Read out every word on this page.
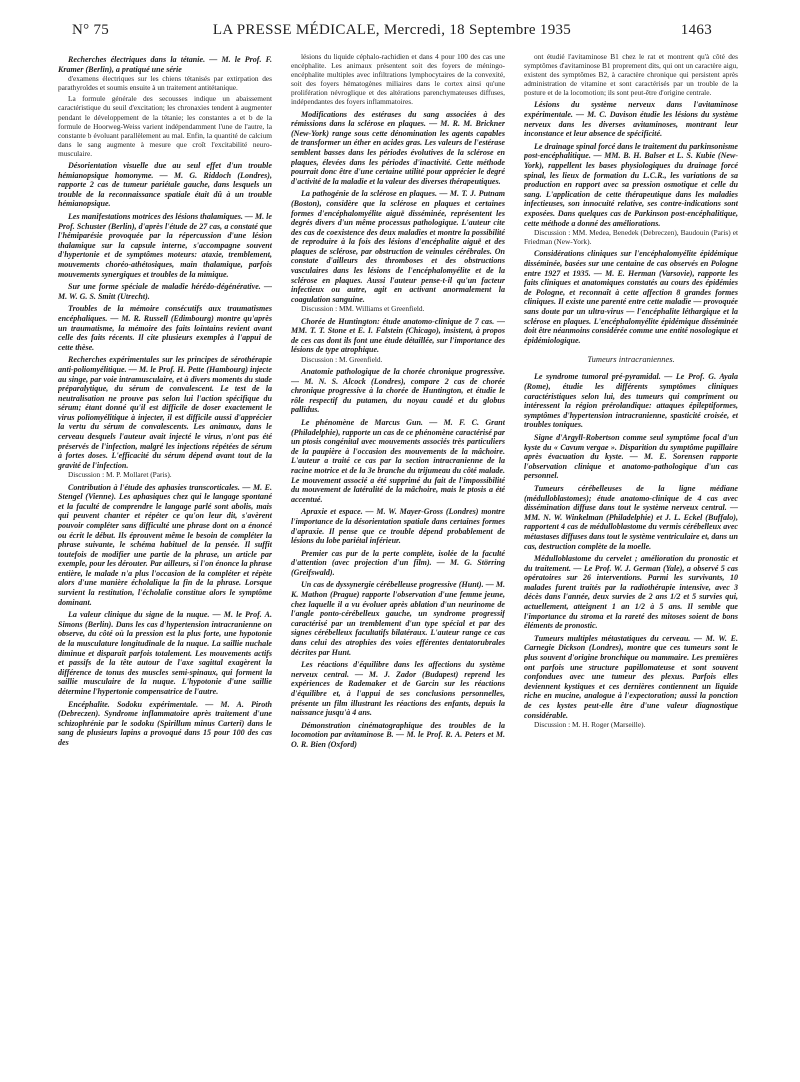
N° 75	LA PRESSE MÉDICALE, Mercredi, 18 Septembre 1935	1463
Recherches électriques dans la tétanie. — M. le Prof. F. Kramer (Berlin), a pratiqué une série

d'examens électriques sur les chiens tétanisés par extirpation des parathyroïdes et soumis ensuite à un traitement antitétanique.

La formule générale des secousses indique un abaissement caractéristique du seuil d'excitation; les chronaxies tendent à augmenter pendant le développement de la tétanie; les constantes a et b de la formule de Hoorweg-Weiss varient indépendamment l'une de l'autre, la constante b évoluant parallèlement au mal. Enfin, la quantité de calcium dans le sang augmente à mesure que croît l'excitabilité neuro-musculaire.

Désorientation visuelle due au seul effet d'un trouble hémianopsique homonyme. — M. G. Riddoch (Londres), rapporte 2 cas de tumeur pariétale gauche, dans lesquels un trouble de la reconnaissance spatiale était dû à un trouble hémianopsique.
Les manifestations motrices des lésions thalamiques. — M. le Prof. Schuster (Berlin), d'après l'étude de 27 cas, a constaté que l'hémiparésie provoquée par la répercussion d'une lésion thalamique sur la capsule interne, s'accompagne souvent d'hypertonie et de symptômes moteurs: ataxie, tremblement, mouvements choréo-athétosiques, main thalamique, parfois mouvements synergiques et troubles de la mimique.
Sur une forme spéciale de maladie hérédo-dégénérative. — M. W. G. S. Smitt (Utrecht).
Troubles de la mémoire consécutifs aux traumatismes encéphaliques. — M. R. Russell (Edimbourg) montre qu'après un traumatisme, la mémoire des faits lointains revient avant celle des faits récents. Il cite plusieurs exemples à l'appui de cette thèse.
Recherches expérimentales sur les principes de sérothérapie anti-poliomyélitique. — M. le Prof. H. Pette (Hambourg) injecte au singe, par voie intramusculaire, et à divers moments du stade préparalytique, du sérum de convalescent. Le test de la neutralisation ne prouve pas selon lui l'action spécifique du sérum; étant donné qu'il est difficile de doser exactement le virus poliomyélitique à injecter, il est difficile aussi d'apprécier la vertu du sérum de convalescents. Les animaux, dans le cerveau desquels l'auteur avait injecté le virus, n'ont pas été préservés de l'infection, malgré les injections répétées de sérum à fortes doses. L'efficacité du sérum dépend avant tout de la gravité de l'infection.

Discussion : M. P. Mollaret (Paris).

Contribution à l'étude des aphasies transcorticales. — M. E. Stengel (Vienne). Les aphasiques chez qui le langage spontané et la faculté de comprendre le langage parlé sont abolis, mais qui peuvent chanter et répéter ce qu'on leur dit, s'avèrent pouvoir compléter sans difficulté une phrase dont on a énoncé ou écrit le début. Ils éprouvent même le besoin de compléter la phrase suivante, le schéma habituel de la pensée. Il suffit toutefois de modifier une partie de la phrase, un article par exemple, pour les dérouter. Par ailleurs, si l'on énonce la phrase entière, le malade n'a plus l'occasion de la compléter et répète alors d'une manière écholalique la fin de la phrase. Lorsque survient la restitution, l'écholalie constitue alors le symptôme dominant.
La valeur clinique du signe de la nuque. — M. le Prof. A. Simons (Berlin). Dans les cas d'hypertension intracranienne on observe, du côté où la pression est la plus forte, une hypotonie de la musculature longitudinale de la nuque. La saillie nuchale diminue et disparaît parfois totalement. Les mouvements actifs et passifs de la tête autour de l'axe sagittal exagèrent la différence de tonus des muscles semi-spinaux, qui forment la saillie musculaire de la nuque. L'hypotonie d'une saillie détermine l'hypertonie compensatrice de l'autre.
Encéphalite. Sodoku expérimentale. — M. A. Piroth (Debreczen). Syndrome inflammatoire après traitement d'une schizophrénie par le sodoku (Spirillum minus Carteri) dans le sang de plusieurs lapins a provoqué dans 15 pour 100 des cas des

lésions du liquide céphalo-rachidien et dans 4 pour 100 des cas une encéphalite. Les animaux présentent soit des foyers de méningo-encéphalite multiples avec infiltrations lymphocytaires de la convexité, soit des foyers hématogènes miliaires dans le cortex ainsi qu'une prolifération névroglique et des altérations parenchymateuses diffuses, indépendantes des foyers inflammatoires.

Modifications des estérases du sang associées à des rémissions dans la sclérose en plaques. — M. R. M. Brickner (New-York) range sous cette dénomination les agents capables de transformer un éther en acides gras. Les valeurs de l'estérase semblent basses dans les périodes évolutives de la sclérose en plaques, élevées dans les périodes d'inactivité. Cette méthode pourrait donc être d'une certaine utilité pour apprécier le degré d'activité de la maladie et la valeur des diverses thérapeutiques.
La pathogénie de la sclérose en plaques. — M. T. J. Putnam (Boston), considère que la sclérose en plaques et certaines formes d'encéphalomyélite aiguë disséminée, représentent les degrés divers d'un même processus pathologique. L'auteur cite des cas de coexistence des deux maladies et montre la possibilité de reproduire à la fois des lésions d'encéphalite aiguë et des plaques de sclérose, par obstruction de veinules cérébrales. On constate d'ailleurs des thromboses et des obstructions vasculaires dans les lésions de l'encéphalomyélite et de la sclérose en plaques. Aussi l'auteur pense-t-il qu'un facteur infectieux ou autre, agit en activant anormalement la coagulation sanguine.

Discussion : MM. Williams et Greenfield.

Chorée de Huntington: étude anatomo-clinique de 7 cas. — MM. T. T. Stone et E. I. Falstein (Chicago), insistent, à propos de ces cas dont ils font une étude détaillée, sur l'importance des lésions de type atrophique.

Discussion : M. Greenfield.

Anatomie pathologique de la chorée chronique progressive. — M. N. S. Alcock (Londres), compare 2 cas de chorée chronique progressive à la chorée de Huntington, et étudie le rôle respectif du putamen, du noyau caudé et du globus pallidus.
Le phénomène de Marcus Gun. — M. F. C. Grant (Philadelphie), rapporte un cas de ce phénomène caractérisé par un ptosis congénital avec mouvements associés très particuliers de la paupière à l'occasion des mouvements de la mâchoire. L'auteur a traité ce cas par la section intracranienne de la racine motrice et de la 3e branche du trijumeau du côté malade. Le mouvement associé a été supprimé du fait de l'impossibilité du mouvement de latéralité de la mâchoire, mais le ptosis a été accentué.
Apraxie et espace. — M. W. Mayer-Gross (Londres) montre l'importance de la désorientation spatiale dans certaines formes d'apraxie. Il pense que ce trouble dépend probablement de lésions du lobe pariétal inférieur.
Premier cas pur de la perte complète, isolée de la faculté d'attention (avec projection d'un film). — M. G. Störring (Greifswald).
Un cas de dyssynergie cérébelleuse progressive (Hunt). — M. K. Mathon (Prague) rapporte l'observation d'une femme jeune, chez laquelle il a vu évoluer après ablation d'un neurinome de l'angle ponto-cérébelleux gauche, un syndrome progressif caractérisé par un tremblement d'un type spécial et par des signes cérébelleux facultatifs bilatéraux. L'auteur range ce cas dans celui des atrophies des voies efférentes dentatorubrales décrites par Hunt.
Les réactions d'équilibre dans les affections du système nerveux central. — M. J. Zador (Budapest) reprend les expériences de Rademaker et de Garcin sur les réactions d'équilibre et, à l'appui de ses conclusions personnelles, présente un film illustrant les réactions des enfants, depuis la naissance jusqu'à 4 ans.
Démonstration cinématographique des troubles de la locomotion par avitaminose B. — M. le Prof. R. A. Peters et M. O. R. Bien (Oxford)

ont étudié l'avitaminose B1 chez le rat et montrent qu'à côté des symptômes d'avitaminose B1 proprement dits, qui ont un caractère aigu, existent des symptômes B2, à caractère chronique qui persistent après administration de vitamine et sont caractérisés par un trouble de la posture et de la locomotion; ils sont peut-être d'origine centrale.

Lésions du système nerveux dans l'avitaminose expérimentale. — M. C. Davison étudie les lésions du système nerveux dans les diverses avitaminoses, montrant leur inconstance et leur absence de spécificité.
Le drainage spinal forcé dans le traitement du parkinsonisme post-encéphalitique. — MM. B. H. Balser et L. S. Kubie (New-York), rappellent les bases physiologiques du drainage forcé spinal, les lieux de formation du L.C.R., les variations de sa production en rapport avec sa pression osmotique et celle du sang. L'application de cette thérapeutique dans les maladies infectieuses, son innocuité relative, ses contre-indications sont exposées. Dans quelques cas de Parkinson post-encéphalitique, cette méthode a donné des améliorations.

Discussion : MM. Medea, Benedek (Debreczen), Baudouin (Paris) et Friedman (New-York).

Considérations cliniques sur l'encéphalomyélite épidémique disséminée, basées sur une centaine de cas observés en Pologne entre 1927 et 1935. — M. E. Herman (Varsovie), rapporte les faits cliniques et anatomiques constatés au cours des épidémies de Pologne, et reconnaît à cette affection 8 grandes formes cliniques. Il existe une parenté entre cette maladie — provoquée sans doute par un ultra-virus — l'encéphalite léthargique et la sclérose en plaques. L'encéphalomyélite épidémique disséminée doit être néanmoins considérée comme une entité nosologique et épidémiologique.
Tumeurs intracraniennes.
Le syndrome tumoral pré-pyramidal. — Le Prof. G. Ayala (Rome), étudie les différents symptômes cliniques caractéristiques selon lui, des tumeurs qui compriment ou intéressent la région prérolandique: attaques épileptiformes, symptômes d'hypertension intracranienne, spasticité croisée, et troubles toniques.
Signe d'Argyll-Robertson comme seul symptôme focal d'un kyste du « Cavum vergae ». Disparition du symptôme pupillaire après évacuation du kyste. — M. E. Sorensen rapporte l'observation clinique et anatomo-pathologique d'un cas personnel.
Tumeurs cérébelleuses de la ligne médiane (médulloblastomes); étude anatomo-clinique de 4 cas avec dissémination diffuse dans tout le système nerveux central. — MM. N. W. Winkelman (Philadelphie) et J. L. Eckel (Buffalo), rapportent 4 cas de médulloblastome du vermis cérébelleux avec métastases diffuses dans tout le système ventriculaire et, dans un cas, destruction complète de la moelle.
Médulloblastome du cervelet ; amélioration du pronostic et du traitement. — Le Prof. W. J. German (Yale), a observé 5 cas opératoires sur 26 interventions. Parmi les survivants, 10 malades furent traités par la radiothérapie intensive, avec 3 décès dans l'année, deux survies de 2 ans 1/2 et 5 survies qui, actuellement, atteignent 1 an 1/2 à 5 ans. Il semble que l'importance du stroma et la rareté des mitoses soient de bons éléments de pronostic.
Tumeurs multiples métastatiques du cerveau. — M. W. E. Carnegie Dickson (Londres), montre que ces tumeurs sont le plus souvent d'origine bronchique ou mammaire. Les premières ont parfois une structure papillomateuse et sont souvent confondues avec une tumeur des plexus. Parfois elles deviennent kystiques et ces dernières contiennent un liquide riche en mucine, analogue à l'expectoration; aussi la ponction de ces kystes peut-elle être d'une valeur diagnostique considérable.

Discussion : M. H. Roger (Marseille).
